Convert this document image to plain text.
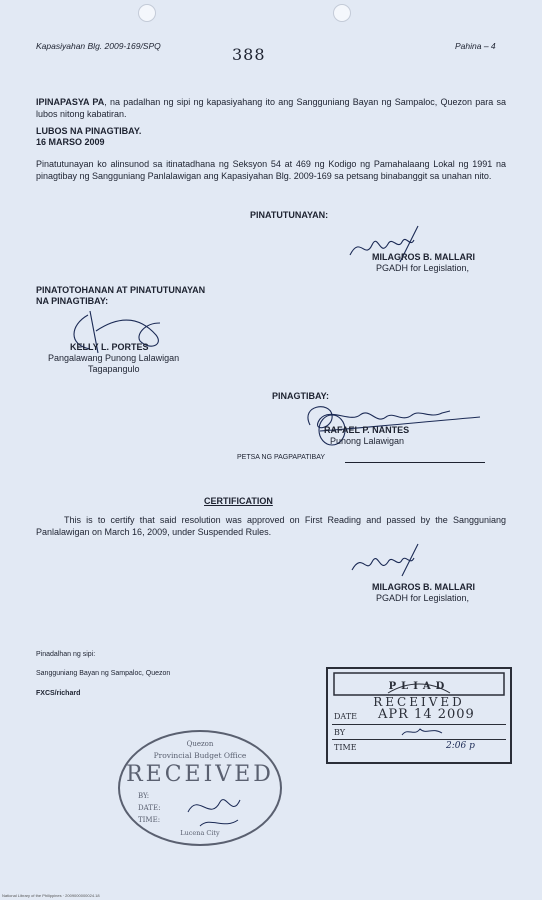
Kapasiyahan Blg. 2009-169/SPQ	388	Pahina – 4
IPINAPASYA PA, na padalhan ng sipi ng kapasiyahang ito ang Sangguniang Bayan ng Sampaloc, Quezon para sa lubos nitong kabatiran.
LUBOS NA PINAGTIBAY.
16 MARSO 2009
Pinatutunayan ko alinsunod sa itinatadhana ng Seksyon 54 at 469 ng Kodigo ng Pamahalaang Lokal ng 1991 na pinagtibay ng Sangguniang Panlalawigan ang Kapasiyahan Blg. 2009-169 sa petsang binabanggit sa unahan nito.
PINATUTUNAYAN:
MILAGROS B. MALLARI
PGADH for Legislation,
PINATOTOHANAN AT PINATUTUNAYAN
NA PINAGTIBAY:
KELLY L. PORTES
Pangalawang Punong Lalawigan
Tagapangulo
PINAGTIBAY:
RAFAEL P. NANTES
Punong Lalawigan
PETSA NG PAGPAPATIBAY
CERTIFICATION
This is to certify that said resolution was approved on First Reading and passed by the Sangguniang Panlalawigan on March 16, 2009, under Suspended Rules.
MILAGROS B. MALLARI
PGADH for Legislation,
Pinadalhan ng sipi:
Sangguniang Bayan ng Sampaloc, Quezon
FXCS/richard
Quezon
Provincial Budget Office
RECEIVED
BY:
DATE:
TIME:
Lucena City
PLIAD
RECEIVED
DATE APR 14 2009
BY
TIME	2:06 p
National Library of the Philippines · 2009000000024.18
